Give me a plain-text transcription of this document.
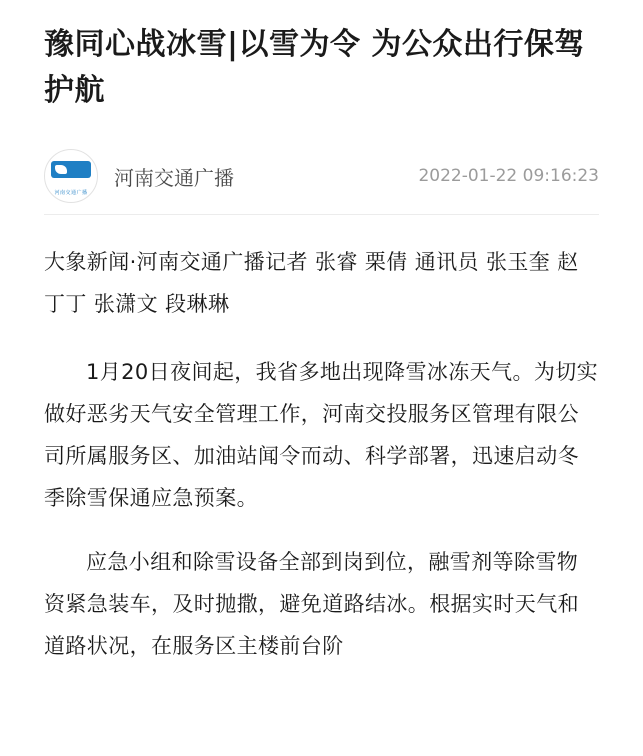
豫同心战冰雪|以雪为令 为公众出行保驾护航
河南交通广播
河南交通广播	2022-01-22 09:16:23
大象新闻·河南交通广播记者 张睿 栗倩 通讯员 张玉奎 赵丁丁 张潇文 段琳琳

1月20日夜间起，我省多地出现降雪冰冻天气。为切实做好恶劣天气安全管理工作，河南交投服务区管理有限公司所属服务区、加油站闻令而动、科学部署，迅速启动冬季除雪保通应急预案。

应急小组和除雪设备全部到岗到位，融雪剂等除雪物资紧急装车，及时抛撒，避免道路结冰。根据实时天气和道路状况，在服务区主楼前台阶
